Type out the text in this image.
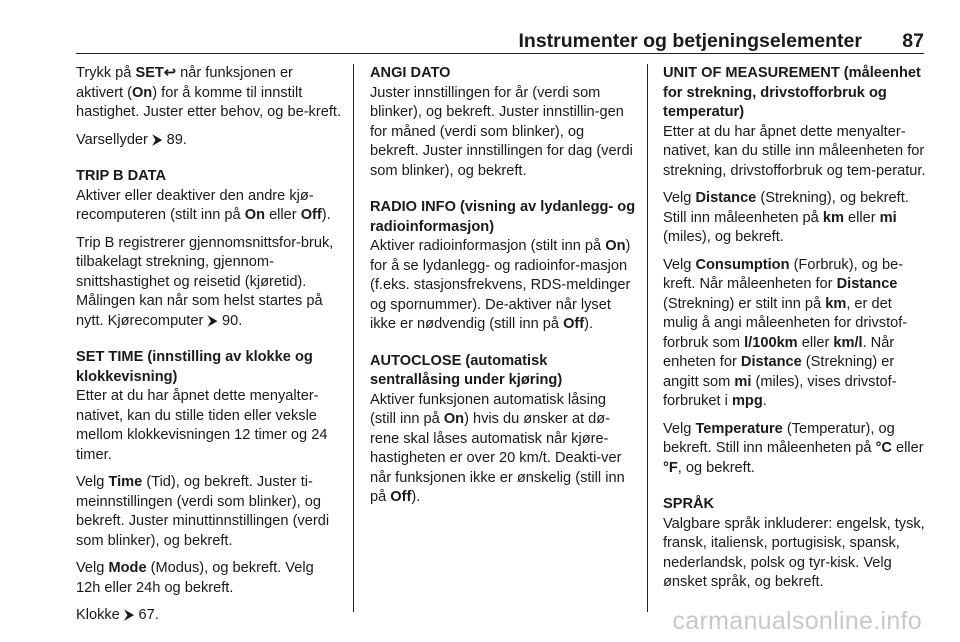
Instrumenter og betjeningselementer 87

Trykk på SET↩ når funksjonen er aktivert (On) for å komme til innstilt hastighet. Juster etter behov, og be-kreft.

Varsellyder ⮞ 89.

TRIP B DATA

Aktiver eller deaktiver den andre kjø-recomputeren (stilt inn på On eller Off).

Trip B registrerer gjennomsnittsfor-bruk, tilbakelagt strekning, gjennom-snittshastighet og reisetid (kjøretid). Målingen kan når som helst startes på nytt. Kjørecomputer ⮞ 90.

SET TIME (innstilling av klokke og klokkevisning)

Etter at du har åpnet dette menyalter-nativet, kan du stille tiden eller veksle mellom klokkevisningen 12 timer og 24 timer.

Velg Time (Tid), og bekreft. Juster ti-meinnstillingen (verdi som blinker), og bekreft. Juster minuttinnstillingen (verdi som blinker), og bekreft.

Velg Mode (Modus), og bekreft. Velg 12h eller 24h og bekreft.

Klokke ⮞ 67.

ANGI DATO

Juster innstillingen for år (verdi som blinker), og bekreft. Juster innstillin-gen for måned (verdi som blinker), og bekreft. Juster innstillingen for dag (verdi som blinker), og bekreft.

RADIO INFO (visning av lydanlegg- og radioinformasjon)

Aktiver radioinformasjon (stilt inn på On) for å se lydanlegg- og radioinfor-masjon (f.eks. stasjonsfrekvens, RDS-meldinger og spornummer). De-aktiver når lyset ikke er nødvendig (still inn på Off).

AUTOCLOSE (automatisk sentrallåsing under kjøring)

Aktiver funksjonen automatisk låsing (still inn på On) hvis du ønsker at dø-rene skal låses automatisk når kjøre-hastigheten er over 20 km/t. Deakti-ver når funksjonen ikke er ønskelig (still inn på Off).

UNIT OF MEASUREMENT (måleenhet for strekning, drivstofforbruk og temperatur)

Etter at du har åpnet dette menyalter-nativet, kan du stille inn måleenheten for strekning, drivstofforbruk og tem-peratur.

Velg Distance (Strekning), og bekreft. Still inn måleenheten på km eller mi (miles), og bekreft.

Velg Consumption (Forbruk), og be-kreft. Når måleenheten for Distance (Strekning) er stilt inn på km, er det mulig å angi måleenheten for drivstof-forbruk som l/100km eller km/l. Når enheten for Distance (Strekning) er angitt som mi (miles), vises drivstof-forbruket i mpg.

Velg Temperature (Temperatur), og bekreft. Still inn måleenheten på °C eller °F, og bekreft.

SPRÅK

Valgbare språk inkluderer: engelsk, tysk, fransk, italiensk, portugisisk, spansk, nederlandsk, polsk og tyr-kisk. Velg ønsket språk, og bekreft.

carmanualsonline.info
